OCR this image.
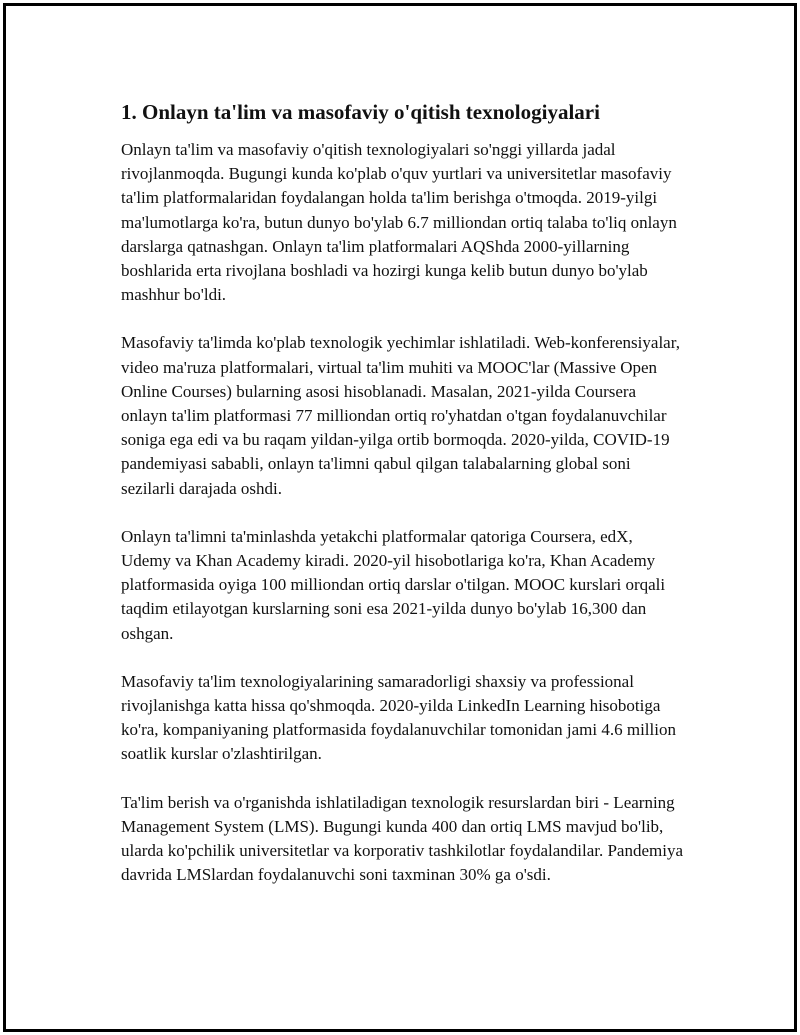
1. Onlayn ta'lim va masofaviy o'qitish texnologiyalari

Onlayn ta'lim va masofaviy o'qitish texnologiyalari so'nggi yillarda jadal rivojlanmoqda. Bugungi kunda ko'plab o'quv yurtlari va universitetlar masofaviy ta'lim platformalaridan foydalangan holda ta'lim berishga o'tmoqda. 2019-yilgi ma'lumotlarga ko'ra, butun dunyo bo'ylab 6.7 milliondan ortiq talaba to'liq onlayn darslarga qatnashgan. Onlayn ta'lim platformalari AQShda 2000-yillarning boshlarida erta rivojlana boshladi va hozirgi kunga kelib butun dunyo bo'ylab mashhur bo'ldi.

Masofaviy ta'limda ko'plab texnologik yechimlar ishlatiladi. Web-konferensiyalar, video ma'ruza platformalari, virtual ta'lim muhiti va MOOC'lar (Massive Open Online Courses) bularning asosi hisoblanadi. Masalan, 2021-yilda Coursera onlayn ta'lim platformasi 77 milliondan ortiq ro'yhatdan o'tgan foydalanuvchilar soniga ega edi va bu raqam yildan-yilga ortib bormoqda. 2020-yilda, COVID-19 pandemiyasi sababli, onlayn ta'limni qabul qilgan talabalarning global soni sezilarli darajada oshdi.

Onlayn ta'limni ta'minlashda yetakchi platformalar qatoriga Coursera, edX, Udemy va Khan Academy kiradi. 2020-yil hisobotlariga ko'ra, Khan Academy platformasida oyiga 100 milliondan ortiq darslar o'tilgan. MOOC kurslari orqali taqdim etilayotgan kurslarning soni esa 2021-yilda dunyo bo'ylab 16,300 dan oshgan.

Masofaviy ta'lim texnologiyalarining samaradorligi shaxsiy va professional rivojlanishga katta hissa qo'shmoqda. 2020-yilda LinkedIn Learning hisobotiga ko'ra, kompaniyaning platformasida foydalanuvchilar tomonidan jami 4.6 million soatlik kurslar o'zlashtirilgan.

Ta'lim berish va o'rganishda ishlatiladigan texnologik resurslardan biri - Learning Management System (LMS). Bugungi kunda 400 dan ortiq LMS mavjud bo'lib, ularda ko'pchilik universitetlar va korporativ tashkilotlar foydalandilar. Pandemiya davrida LMSlardan foydalanuvchi soni taxminan 30% ga o'sdi.
